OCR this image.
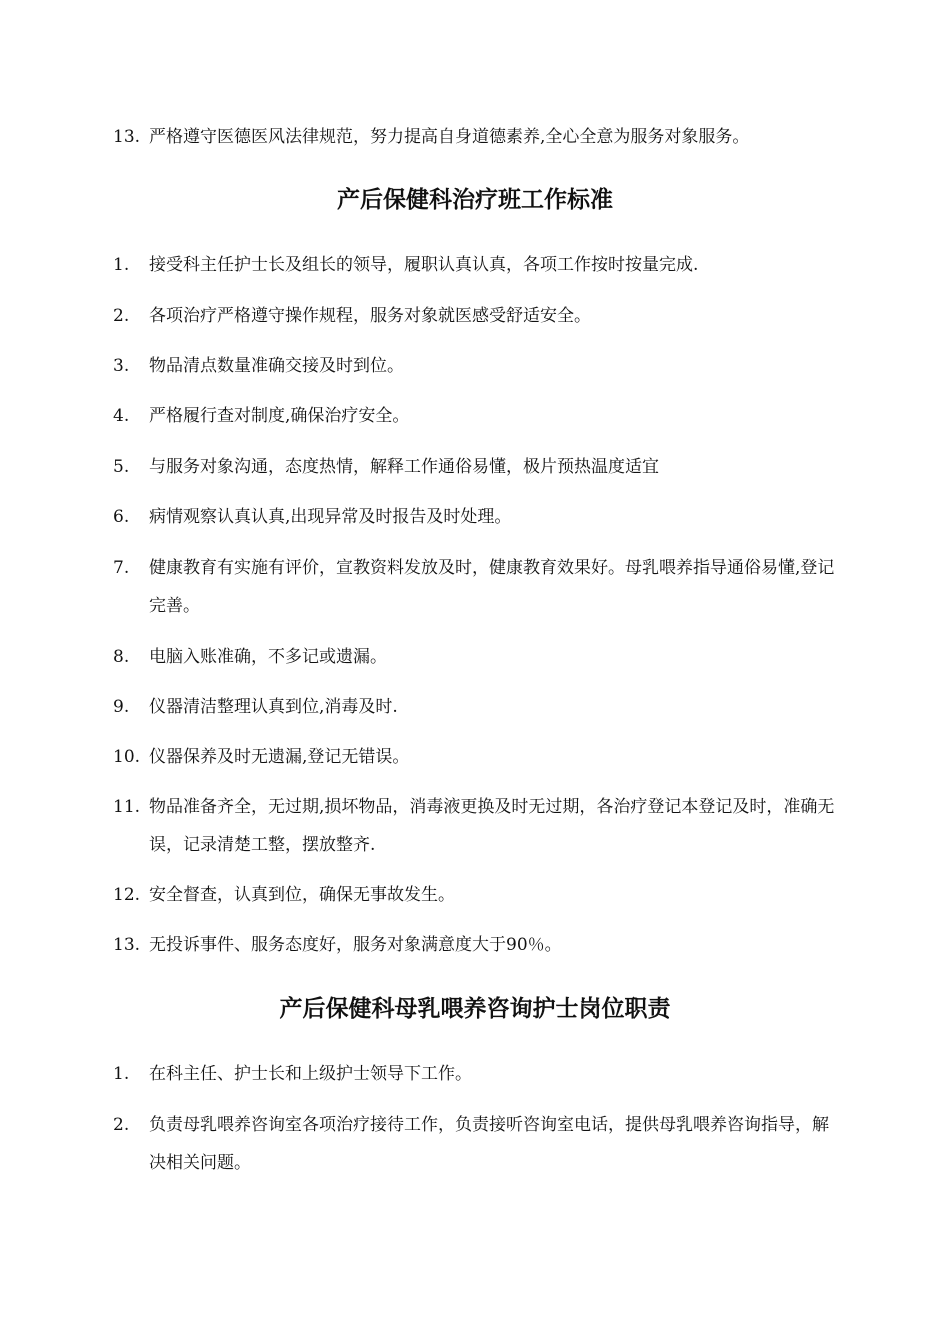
13. 严格遵守医德医风法律规范，努力提高自身道德素养,全心全意为服务对象服务。
产后保健科治疗班工作标准
1.	接受科主任护士长及组长的领导，履职认真认真，各项工作按时按量完成.
2.	各项治疗严格遵守操作规程，服务对象就医感受舒适安全。
3.	物品清点数量准确交接及时到位。
4.	严格履行查对制度,确保治疗安全。
5.	与服务对象沟通，态度热情，解释工作通俗易懂，极片预热温度适宜
6.	病情观察认真认真,出现异常及时报告及时处理。
7.	健康教育有实施有评价，宣教资料发放及时，健康教育效果好。母乳喂养指导通俗易懂,登记完善。
8.	电脑入账准确，不多记或遗漏。
9.	仪器清洁整理认真到位,消毒及时.
10. 仪器保养及时无遗漏,登记无错误。
11. 物品准备齐全，无过期,损坏物品，消毒液更换及时无过期，各治疗登记本登记及时，准确无误，记录清楚工整，摆放整齐.
12. 安全督查，认真到位，确保无事故发生。
13. 无投诉事件、服务态度好，服务对象满意度大于90％。
产后保健科母乳喂养咨询护士岗位职责
1.	在科主任、护士长和上级护士领导下工作。
2.	负责母乳喂养咨询室各项治疗接待工作，负责接听咨询室电话，提供母乳喂养咨询指导，解决相关问题。
